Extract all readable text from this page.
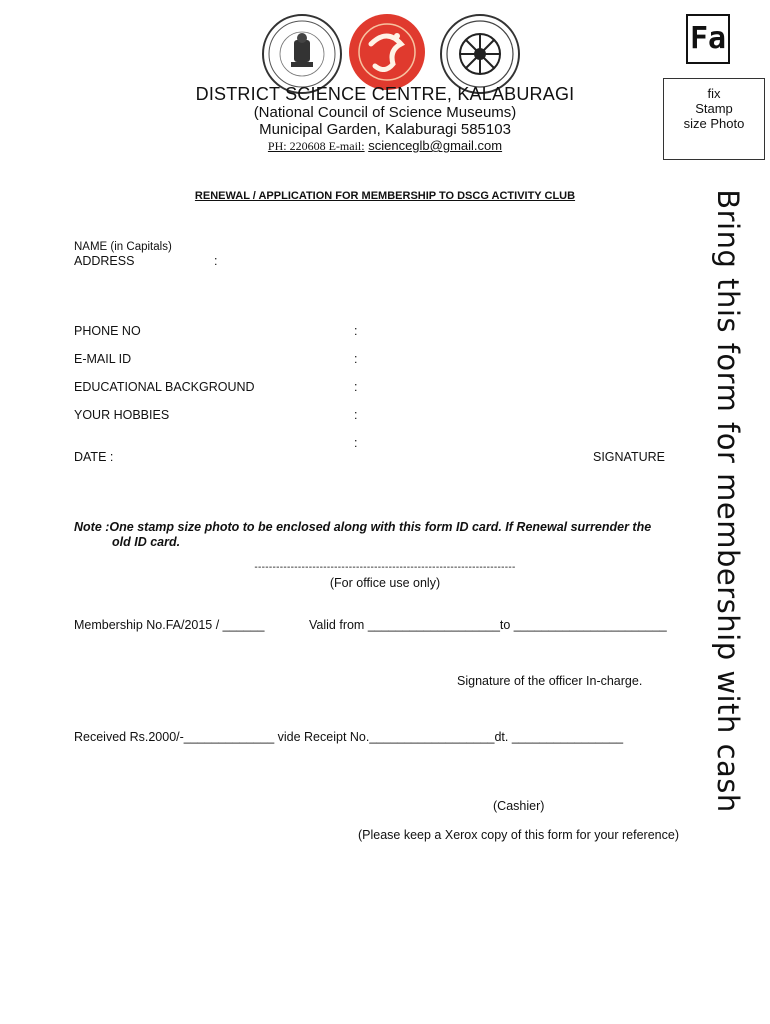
DISTRICT SCIENCE CENTRE, KALABURAGI
(National Council of Science Museums)
Municipal Garden, Kalaburagi 585103
PH: 220608 E-mail: scienceglb@gmail.com
Fa
fix
Stamp
size Photo
RENEWAL / APPLICATION FOR MEMBERSHIP TO DSCG ACTIVITY CLUB
NAME (in Capitals)
ADDRESS	:
PHONE NO	:
E-MAIL ID	:
EDUCATIONAL BACKGROUND	:
YOUR HOBBIES	:
:
DATE :	SIGNATURE Bring this form for membership with cash
Note :One stamp size photo to be enclosed along with this form ID card. If Renewal surrender the
old ID card.
------------------------------------------------------------------------
(For office use only)
Membership No.FA/2015 / ______	Valid from ___________________to ______________________
Signature of the officer In-charge.
Received Rs.2000/-_____________ vide Receipt No.__________________dt. ________________
(Cashier)
(Please keep a Xerox copy of this form for your reference)
